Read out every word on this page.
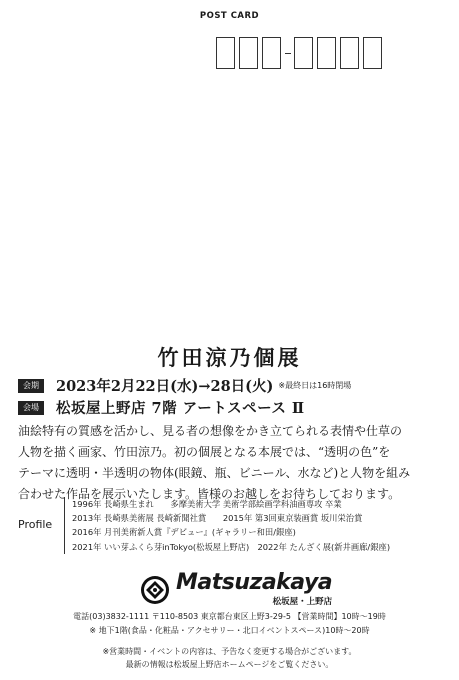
POST CARD
竹田涼乃個展
会期	2023年2月22日(水)→28日(火) ※最終日は16時閉場
会場	松坂屋上野店 7階 アートスペース Ⅱ

油絵特有の質感を活かし、見る者の想像をかき立てられる表情や仕草の
人物を描く画家、竹田涼乃。初の個展となる本展では、“透明の色”を
テーマに透明・半透明の物体(眼鏡、瓶、ビニール、水など)と人物を組み
合わせた作品を展示いたします。皆様のお越しをお待ちしております。

Profile
1996年 長崎県生まれ　　多摩美術大学 美術学部絵画学科油画専攻 卒業
2013年 長崎県美術展 長崎新聞社賞　　2015年 第3回東京装画賞 坂川栄治賞
2016年 月刊美術新人賞『デビュー』(ギャラリー和田/銀座)
2021年 いい芽ふくら芽inTokyo(松坂屋上野店)　2022年 たんざく展(新井画廊/銀座)
Matsuzakaya
松坂屋・上野店
電話(03)3832-1111 〒110-8503 東京都台東区上野3-29-5 【営業時間】10時～19時
※ 地下1階(食品・化粧品・アクセサリー・北口イベントスペース)10時～20時
※営業時間・イベントの内容は、予告なく変更する場合がございます。
最新の情報は松坂屋上野店ホームページをご覧ください。
